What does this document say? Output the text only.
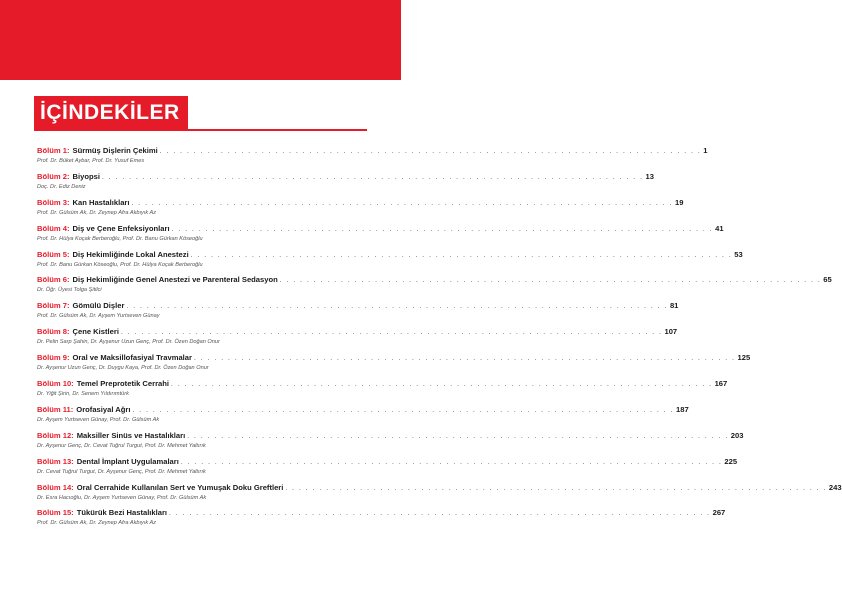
İÇİNDEKİLER
Bölüm 1: Sürmüş Dişlerin Çekimi . . . . . . . . . . . . . . . . . . . . . . . . . . . . . . . . . . . . . . . . . . . . . . . . . . . . . . . . . . . . . . . . . . . . . . . . . . . . . . . . 1
Prof. Dr. Büket Aybar, Prof. Dr. Yusuf Emes
Bölüm 2: Biyopsi . . . . . . . . . . . . . . . . . . . . . . . . . . . . . . . . . . . . . . . . . . . . . . . . . . . . . . . . . . . . . . . . . . . . . . . . . . . . . . . . 13
Doç. Dr. Ediz Deniz
Bölüm 3: Kan Hastalıkları . . . . . . . . . . . . . . . . . . . . . . . . . . . . . . . . . . . . . . . . . . . . . . . . . . . . . . . . . . . . . . . . . . . . . . . . . . . . . . . . 19
Prof. Dr. Gülsüm Ak, Dr. Zeynep Afra Akbıyık Az
Bölüm 4: Diş ve Çene Enfeksiyonları . . . . . . . . . . . . . . . . . . . . . . . . . . . . . . . . . . . . . . . . . . . . . . . . . . . . . . . . . . . . . . . . . . . . . . . . . . . . . . . . 41
Prof. Dr. Hülya Koçak Berberoğlu, Prof. Dr. Banu Gürkan Köseoğlu
Bölüm 5: Diş Hekimliğinde Lokal Anestezi . . . . . . . . . . . . . . . . . . . . . . . . . . . . . . . . . . . . . . . . . . . . . . . . . . . . . . . . . . . . . . . . . . . . . . . . . . . . . . . . 53
Prof. Dr. Banu Gürkan Köseoğlu, Prof. Dr. Hülya Koçak Berberoğlu
Bölüm 6: Diş Hekimliğinde Genel Anestezi ve Parenteral Sedasyon . . . . . . . . . . . . . . . . . . . . . . . . . . . . . . . . . . . . . . . . . . . . . . . . . . . . . . . . . . . . . . . . . . . . . . . . . . . . . . . . 65
Dr. Öğr. Üyesi Tolga Şitilci
Bölüm 7: Gömülü Dişler . . . . . . . . . . . . . . . . . . . . . . . . . . . . . . . . . . . . . . . . . . . . . . . . . . . . . . . . . . . . . . . . . . . . . . . . . . . . . . . . 81
Prof. Dr. Gülsüm Ak, Dr. Ayşem Yurtseven Günay
Bölüm 8: Çene Kistleri . . . . . . . . . . . . . . . . . . . . . . . . . . . . . . . . . . . . . . . . . . . . . . . . . . . . . . . . . . . . . . . . . . . . . . . . . . . . . . . . 107
Dr. Pelin Sarp Şahin, Dr. Ayşenur Uzun Genç, Prof. Dr. Özen Doğan Onur
Bölüm 9: Oral ve Maksillofasiyal Travmalar . . . . . . . . . . . . . . . . . . . . . . . . . . . . . . . . . . . . . . . . . . . . . . . . . . . . . . . . . . . . . . . . . . . . . . . . . . . . . . . . 125
Dr. Ayşenur Uzun Genç, Dr. Duygu Kaya, Prof. Dr. Özen Doğan Onur
Bölüm 10: Temel Preprotetik Cerrahi . . . . . . . . . . . . . . . . . . . . . . . . . . . . . . . . . . . . . . . . . . . . . . . . . . . . . . . . . . . . . . . . . . . . . . . . . . . . . . . . 167
Dr. Yiğit Şirin, Dr. Senem Yıldırımtürk
Bölüm 11: Orofasiyal Ağrı . . . . . . . . . . . . . . . . . . . . . . . . . . . . . . . . . . . . . . . . . . . . . . . . . . . . . . . . . . . . . . . . . . . . . . . . . . . . . . . . 187
Dr. Ayşem Yurtseven Günay, Prof. Dr. Gülsüm Ak
Bölüm 12: Maksiller Sinüs ve Hastalıkları . . . . . . . . . . . . . . . . . . . . . . . . . . . . . . . . . . . . . . . . . . . . . . . . . . . . . . . . . . . . . . . . . . . . . . . . . . . . . . . . 203
Dr. Ayşenur Genç, Dr. Cevat Tuğrul Turgut, Prof. Dr. Mehmet Yaltırık
Bölüm 13: Dental İmplant Uygulamaları . . . . . . . . . . . . . . . . . . . . . . . . . . . . . . . . . . . . . . . . . . . . . . . . . . . . . . . . . . . . . . . . . . . . . . . . . . . . . . . . 225
Dr. Cevat Tuğrul Turgut, Dr. Ayşenur Genç, Prof. Dr. Mehmet Yaltırık
Bölüm 14: Oral Cerrahide Kullanılan Sert ve Yumuşak Doku Greftleri . . . . . . . . . . . . . . . . . . . . . . . . . . . . . . . . . . . . . . . . . . . . . . . . . . . . . . . . . . . . . . . . . . . . . . . . . . . . . . . . 243
Dr. Esra Hacıoğlu, Dr. Ayşem Yurtseven Günay, Prof. Dr. Gülsüm Ak
Bölüm 15: Tükürük Bezi Hastalıkları . . . . . . . . . . . . . . . . . . . . . . . . . . . . . . . . . . . . . . . . . . . . . . . . . . . . . . . . . . . . . . . . . . . . . . . . . . . . . . . . 267
Prof. Dr. Gülsüm Ak, Dr. Zeynep Afra Akbıyık Az
